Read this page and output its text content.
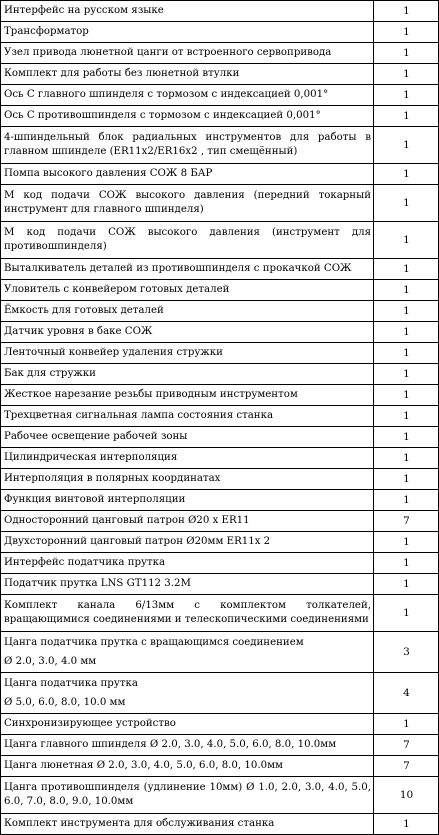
Интерфейс на русском языке	1
Трансформатор	1
Узел привода люнетной цанги от встроенного сервопривода	1
Комплект для работы без люнетной втулки	1
Ось С главного шпинделя с тормозом с индексацией 0,001°	1
Ось С противошпинделя с тормозом с индексацией 0,001°	1
4-шпиндельный блок радиальных инструментов для работы в главном шпинделе (ER11x2/ER16x2 , тип смещённый)	1
Помпа высокого давления СОЖ 8 БАР	1
М код подачи СОЖ высокого давления (передний токарный инструмент для главного шпинделя)	1
М код подачи СОЖ высокого давления (инструмент для противошпинделя)	1
Выталкиватель деталей из противошпинделя с прокачкой СОЖ	1
Уловитель с конвейером готовых деталей	1
Ёмкость для готовых деталей	1
Датчик уровня в баке СОЖ	1
Ленточный конвейер удаления стружки	1
Бак для стружки	1
Жесткое нарезание резьбы приводным инструментом	1
Трехцветная сигнальная лампа состояния станка	1
Рабочее освещение рабочей зоны	1
Цилиндрическая интерполяция	1
Интерполяция в полярных координатах	1
Функция винтовой интерполяции	1
Односторонний цанговый патрон Ø20 x ER11	7
Двухсторонний цанговый патрон Ø20мм ER11x 2	1
Интерфейс податчика прутка	1
Податчик прутка LNS GT112 3.2M	1
Комплект канала 6/13мм с комплектом толкателей, вращающимися соединениями и телескопическими соединениями	1
Цанга податчика прутка с вращающимся соединением
Ø 2.0, 3.0, 4.0 мм	3
Цанга податчика прутка
Ø 5.0, 6.0, 8.0, 10.0 мм	4
Синхронизирующее устройство	1
Цанга главного шпинделя Ø 2.0, 3.0, 4.0, 5.0, 6.0, 8.0, 10.0мм	7
Цанга люнетная Ø 2.0, 3.0, 4.0, 5.0, 6.0, 8.0, 10.0мм	7
Цанга противошпинделя (удлинение 10мм) Ø 1.0, 2.0, 3.0, 4.0, 5.0, 6.0, 7.0, 8.0, 9.0, 10.0мм	10
Комплект инструмента для обслуживания станка	1
